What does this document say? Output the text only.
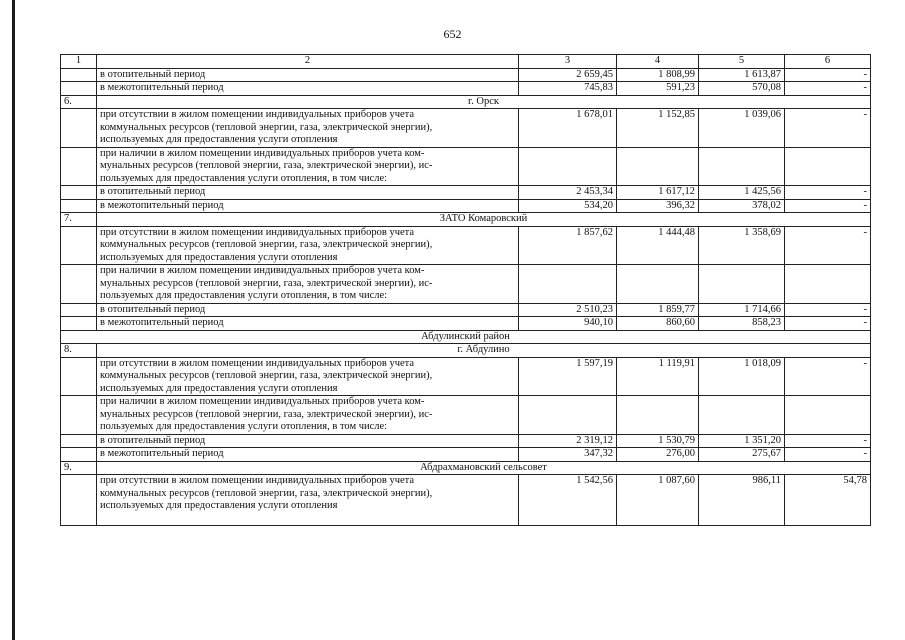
652
1	2	3	4	5	6
	в отопительный период	2 659,45	1 808,99	1 613,87	-
	в межотопительный период	745,83	591,23	570,08	-
6.	г. Орск				

	при отсутствии в жилом помещении индивидуальных приборов учета
коммунальных ресурсов (тепловой энергии, газа, электрической энергии),
используемых для предоставления услуги отопления	1 678,01	1 152,85	1 039,06	-

	при наличии в жилом помещении индивидуальных приборов учета ком-
мунальных ресурсов (тепловой энергии, газа, электрической энергии), ис-
пользуемых для предоставления услуги отопления, в том числе:				

	в отопительный период	2 453,34	1 617,12	1 425,56	-
	в межотопительный период	534,20	396,32	378,02	-
7.	ЗАТО Комаровский				

	при отсутствии в жилом помещении индивидуальных приборов учета
коммунальных ресурсов (тепловой энергии, газа, электрической энергии),
используемых для предоставления услуги отопления	1 857,62	1 444,48	1 358,69	-

	при наличии в жилом помещении индивидуальных приборов учета ком-
мунальных ресурсов (тепловой энергии, газа, электрической энергии), ис-
пользуемых для предоставления услуги отопления, в том числе:				

	в отопительный период	2 510,23	1 859,77	1 714,66	-
	в межотопительный период	940,10	860,60	858,23	-
Абдулинский район					
8.	г. Абдулино				

	при отсутствии в жилом помещении индивидуальных приборов учета
коммунальных ресурсов (тепловой энергии, газа, электрической энергии),
используемых для предоставления услуги отопления	1 597,19	1 119,91	1 018,09	-

	при наличии в жилом помещении индивидуальных приборов учета ком-
мунальных ресурсов (тепловой энергии, газа, электрической энергии), ис-
пользуемых для предоставления услуги отопления, в том числе:				

	в отопительный период	2 319,12	1 530,79	1 351,20	-
	в межотопительный период	347,32	276,00	275,67	-
9.	Абдрахмановский сельсовет				

	при отсутствии в жилом помещении индивидуальных приборов учета
коммунальных ресурсов (тепловой энергии, газа, электрической энергии),
используемых для предоставления услуги отопления	1 542,56	1 087,60	986,11	54,78
